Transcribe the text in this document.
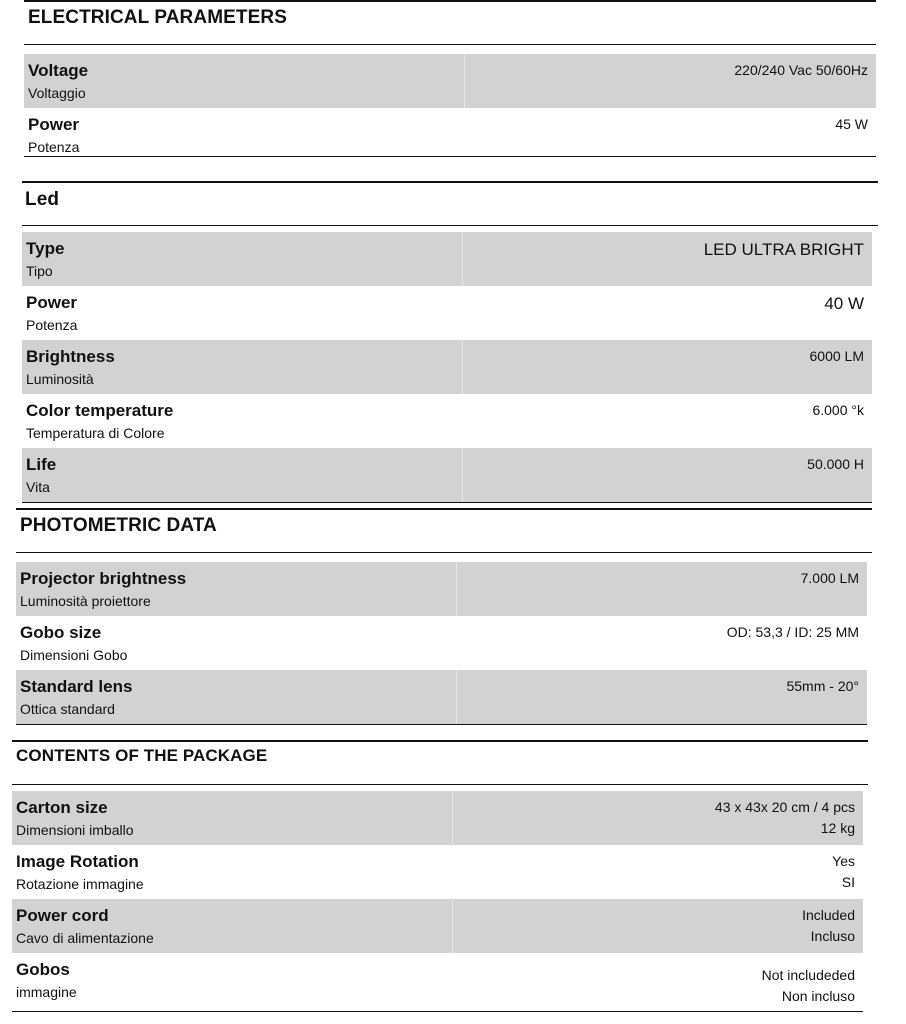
ELECTRICAL PARAMETERS
Voltage
Voltaggio
220/240 Vac 50/60Hz
Power
Potenza
45 W
Led
Type
Tipo
LED ULTRA BRIGHT
Power
Potenza
40 W
Brightness
Luminosità
6000 LM
Color temperature
Temperatura di Colore
6.000 °k
Life
Vita
50.000 H
PHOTOMETRIC DATA
Projector brightness
Luminosità proiettore
7.000 LM
Gobo size
Dimensioni Gobo
OD: 53,3 / ID: 25 MM
Standard lens
Ottica standard
55mm - 20°
CONTENTS OF THE PACKAGE
Carton size
Dimensioni imballo
43 x 43x 20 cm / 4 pcs
12 kg
Image Rotation
Rotazione immagine
Yes
SI
Power cord
Cavo di alimentazione
Included
Incluso
Gobos
immagine
Not includeded
Non incluso
